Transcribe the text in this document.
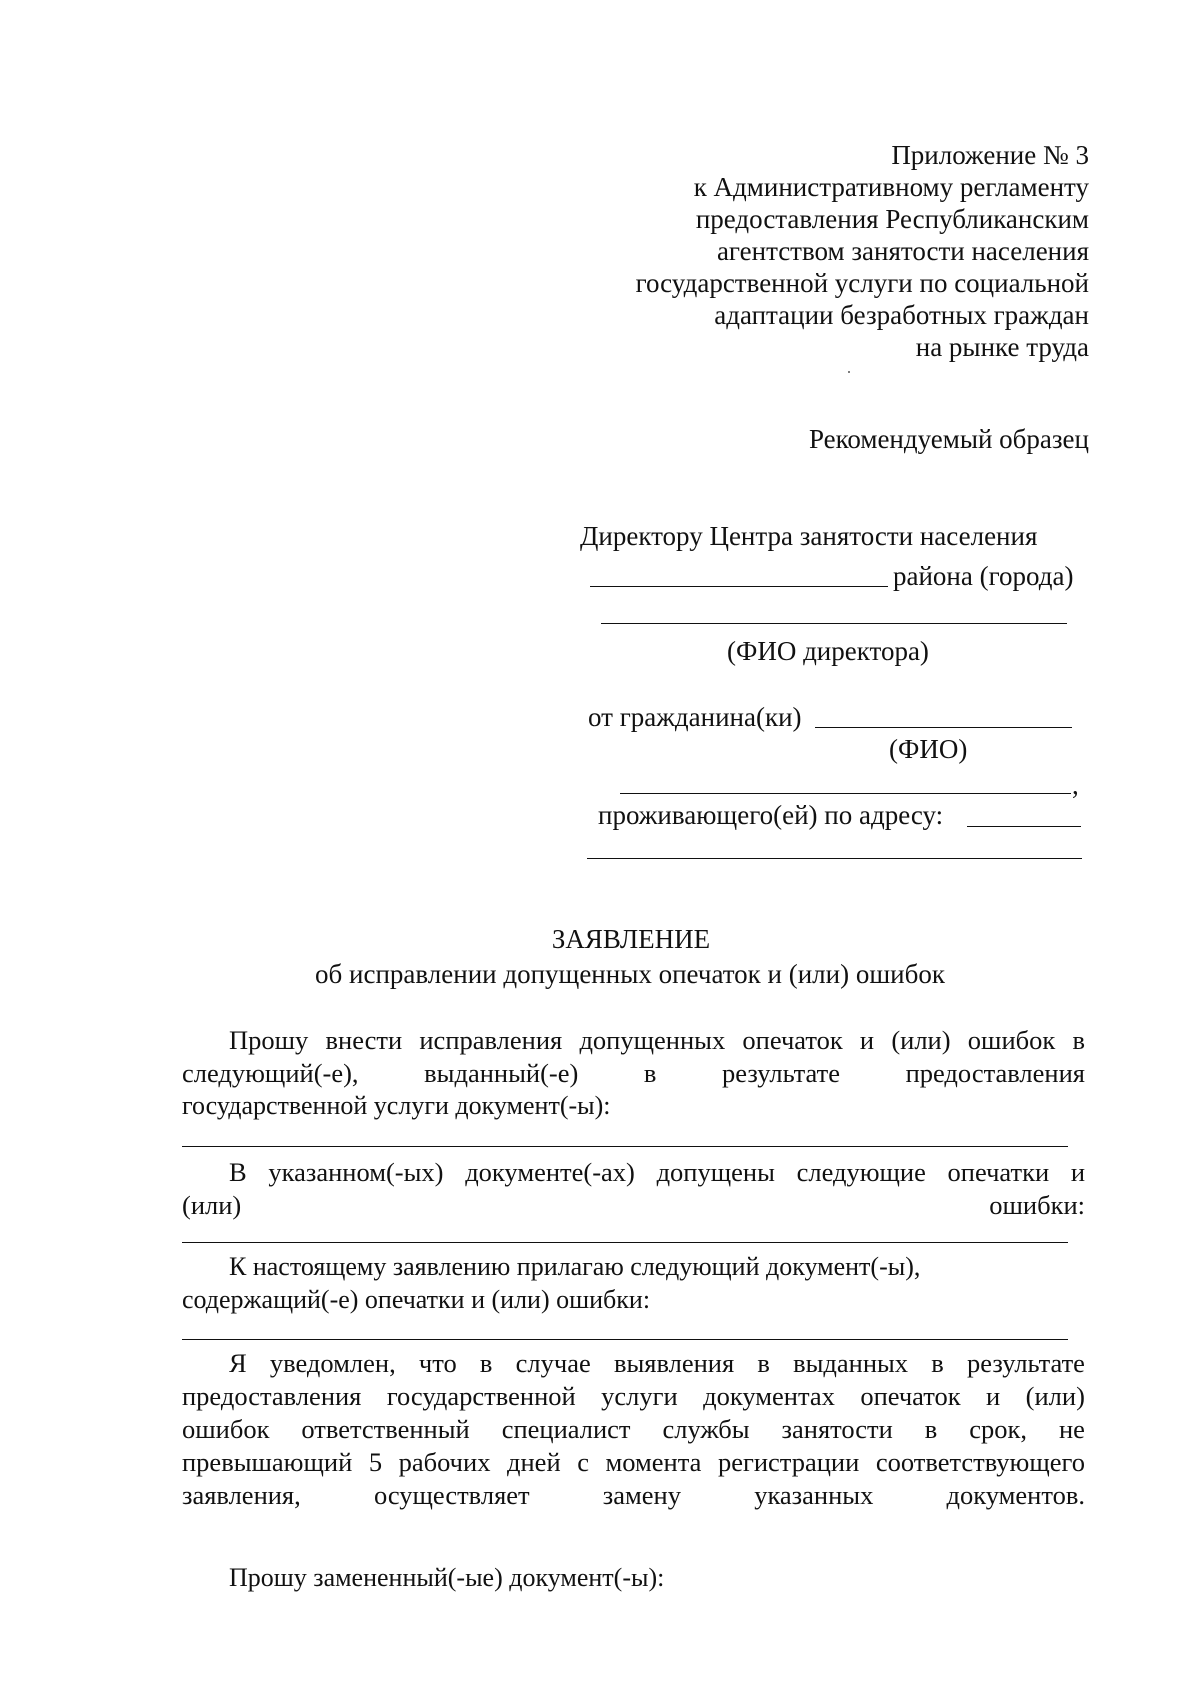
Приложение № 3
к Административному регламенту
предоставления Республиканским
агентством занятости населения
государственной услуги по социальной
адаптации безработных граждан
на рынке труда
Рекомендуемый образец
Директору Центра занятости населения
района (города)
(ФИО директора)
от гражданина(ки)
(ФИО)
,
проживающего(ей) по адресу:
ЗАЯВЛЕНИЕ
об исправлении допущенных опечаток и (или) ошибок
Прошу внести исправления допущенных опечаток и (или) ошибок в
следующий(-е), выданный(-е) в результате предоставления
государственной услуги документ(-ы):
В указанном(-ых) документе(-ах) допущены следующие опечатки и
(или)	ошибки:
К настоящему заявлению прилагаю следующий документ(-ы),
содержащий(-е) опечатки и (или) ошибки:
Я уведомлен, что в случае выявления в выданных в результате
предоставления государственной услуги документах опечаток и (или)
ошибок ответственный специалист службы занятости в срок, не
превышающий 5 рабочих дней с момента регистрации соответствующего
заявления,	осуществляет	замену	указанных	документов.
Прошу замененный(-ые) документ(-ы):
